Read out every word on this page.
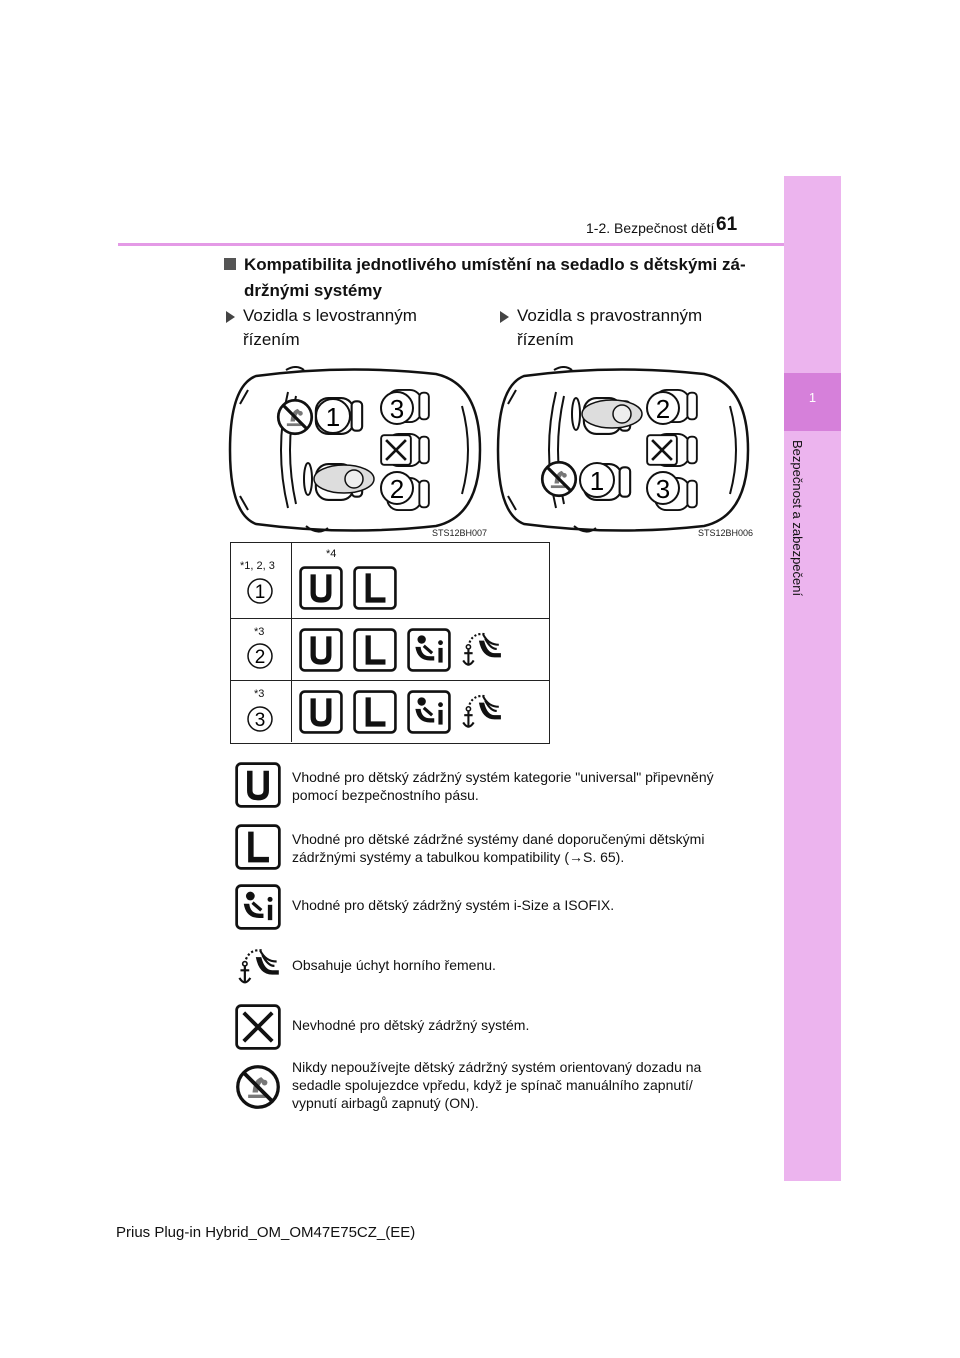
1
Bezpečnost a zabezpečení
1-2. Bezpečnost dětí 61
Kompatibilita jednotlivého umístění na sedadlo s dětskými zá-držnými systémy
Vozidla s levostranným
řízením
Vozidla s pravostranným
řízením
1 3
2
STS12BH007
2
3
1
STS12BH006
*1, 2, 3
1
*4
*3
2
*3
3
Vhodné pro dětský zádržný systém kategorie "universal" připevněný
pomocí bezpečnostního pásu.
Vhodné pro dětské zádržné systémy dané doporučenými dětskými
zádržnými systémy a tabulkou kompatibility (→S. 65).
Vhodné pro dětský zádržný systém i-Size a ISOFIX.
Obsahuje úchyt horního řemenu.
Nevhodné pro dětský zádržný systém.
Nikdy nepoužívejte dětský zádržný systém orientovaný dozadu na
sedadle spolujezdce vpředu, když je spínač manuálního zapnutí/
vypnutí airbagů zapnutý (ON).
Prius Plug-in Hybrid_OM_OM47E75CZ_(EE)
